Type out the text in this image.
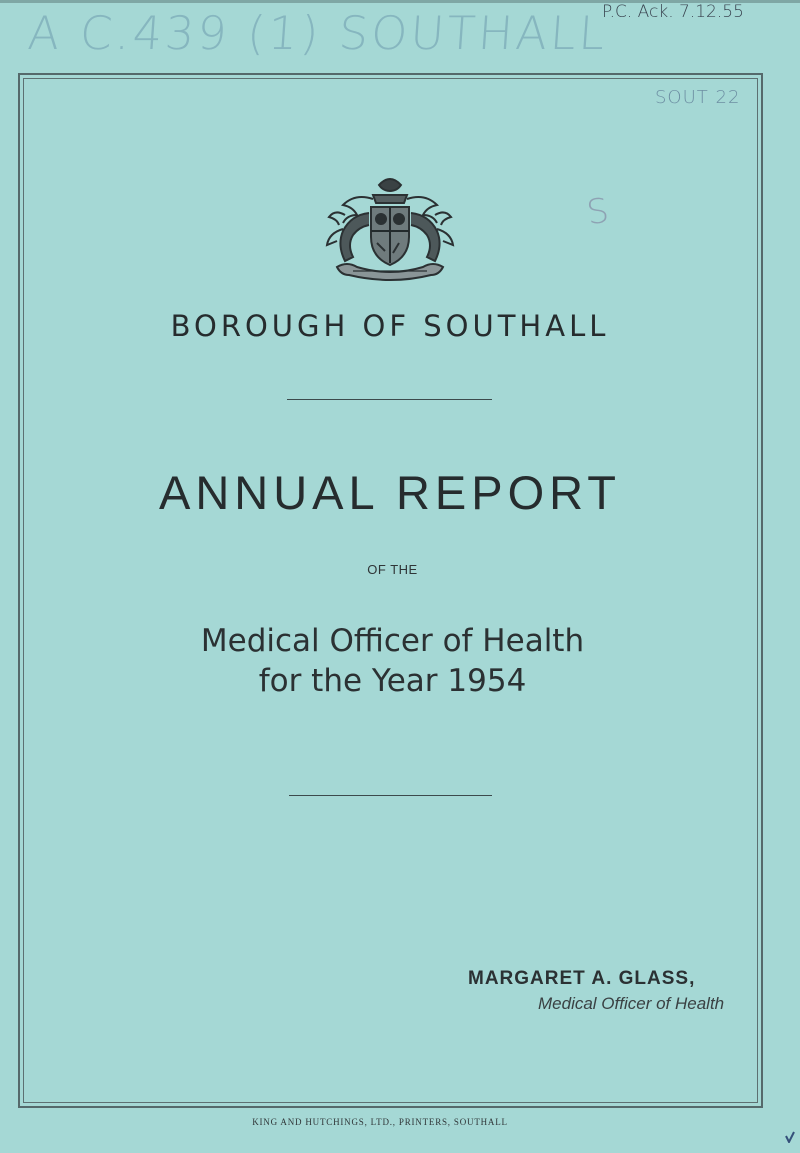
A C.439 (1) SOUTHALL
P.C. Ack. 7.12.55
SOUT 22
S
BOROUGH OF SOUTHALL
ANNUAL REPORT
OF THE
Medical Officer of Health
for the Year 1954
MARGARET A. GLASS,
Medical Officer of Health
KING AND HUTCHINGS, LTD., PRINTERS, SOUTHALL
